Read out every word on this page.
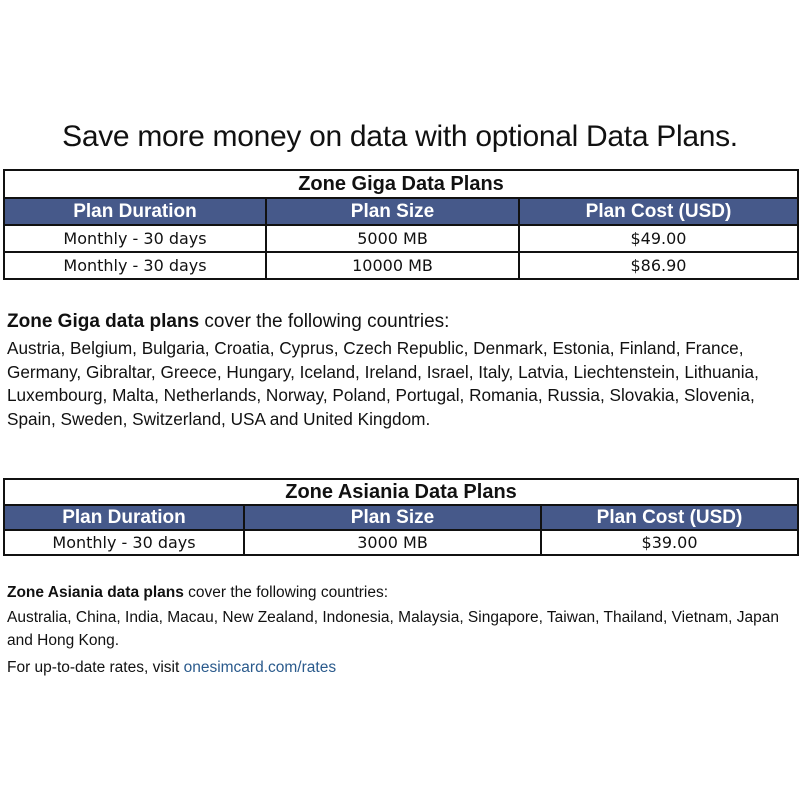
Save more money on data with optional Data Plans.
Zone Giga Data Plans		
Plan Duration	Plan Size	Plan Cost (USD)
Monthly - 30 days	5000 MB	$49.00
Monthly - 30 days	10000 MB	$86.90
Zone Giga data plans cover the following countries:
Austria, Belgium, Bulgaria, Croatia, Cyprus, Czech Republic, Denmark, Estonia, Finland, France, Germany, Gibraltar, Greece, Hungary, Iceland, Ireland, Israel, Italy, Latvia, Liechtenstein, Lithuania, Luxembourg, Malta, Netherlands, Norway, Poland, Portugal, Romania, Russia, Slovakia, Slovenia, Spain, Sweden, Switzerland, USA and United Kingdom.
Zone Asiania Data Plans		
Plan Duration	Plan Size	Plan Cost (USD)
Monthly - 30 days	3000 MB	$39.00
Zone Asiania data plans cover the following countries:
Australia, China, India, Macau, New Zealand, Indonesia, Malaysia, Singapore, Taiwan, Thailand, Vietnam, Japan and Hong Kong.
For up-to-date rates, visit onesimcard.com/rates
